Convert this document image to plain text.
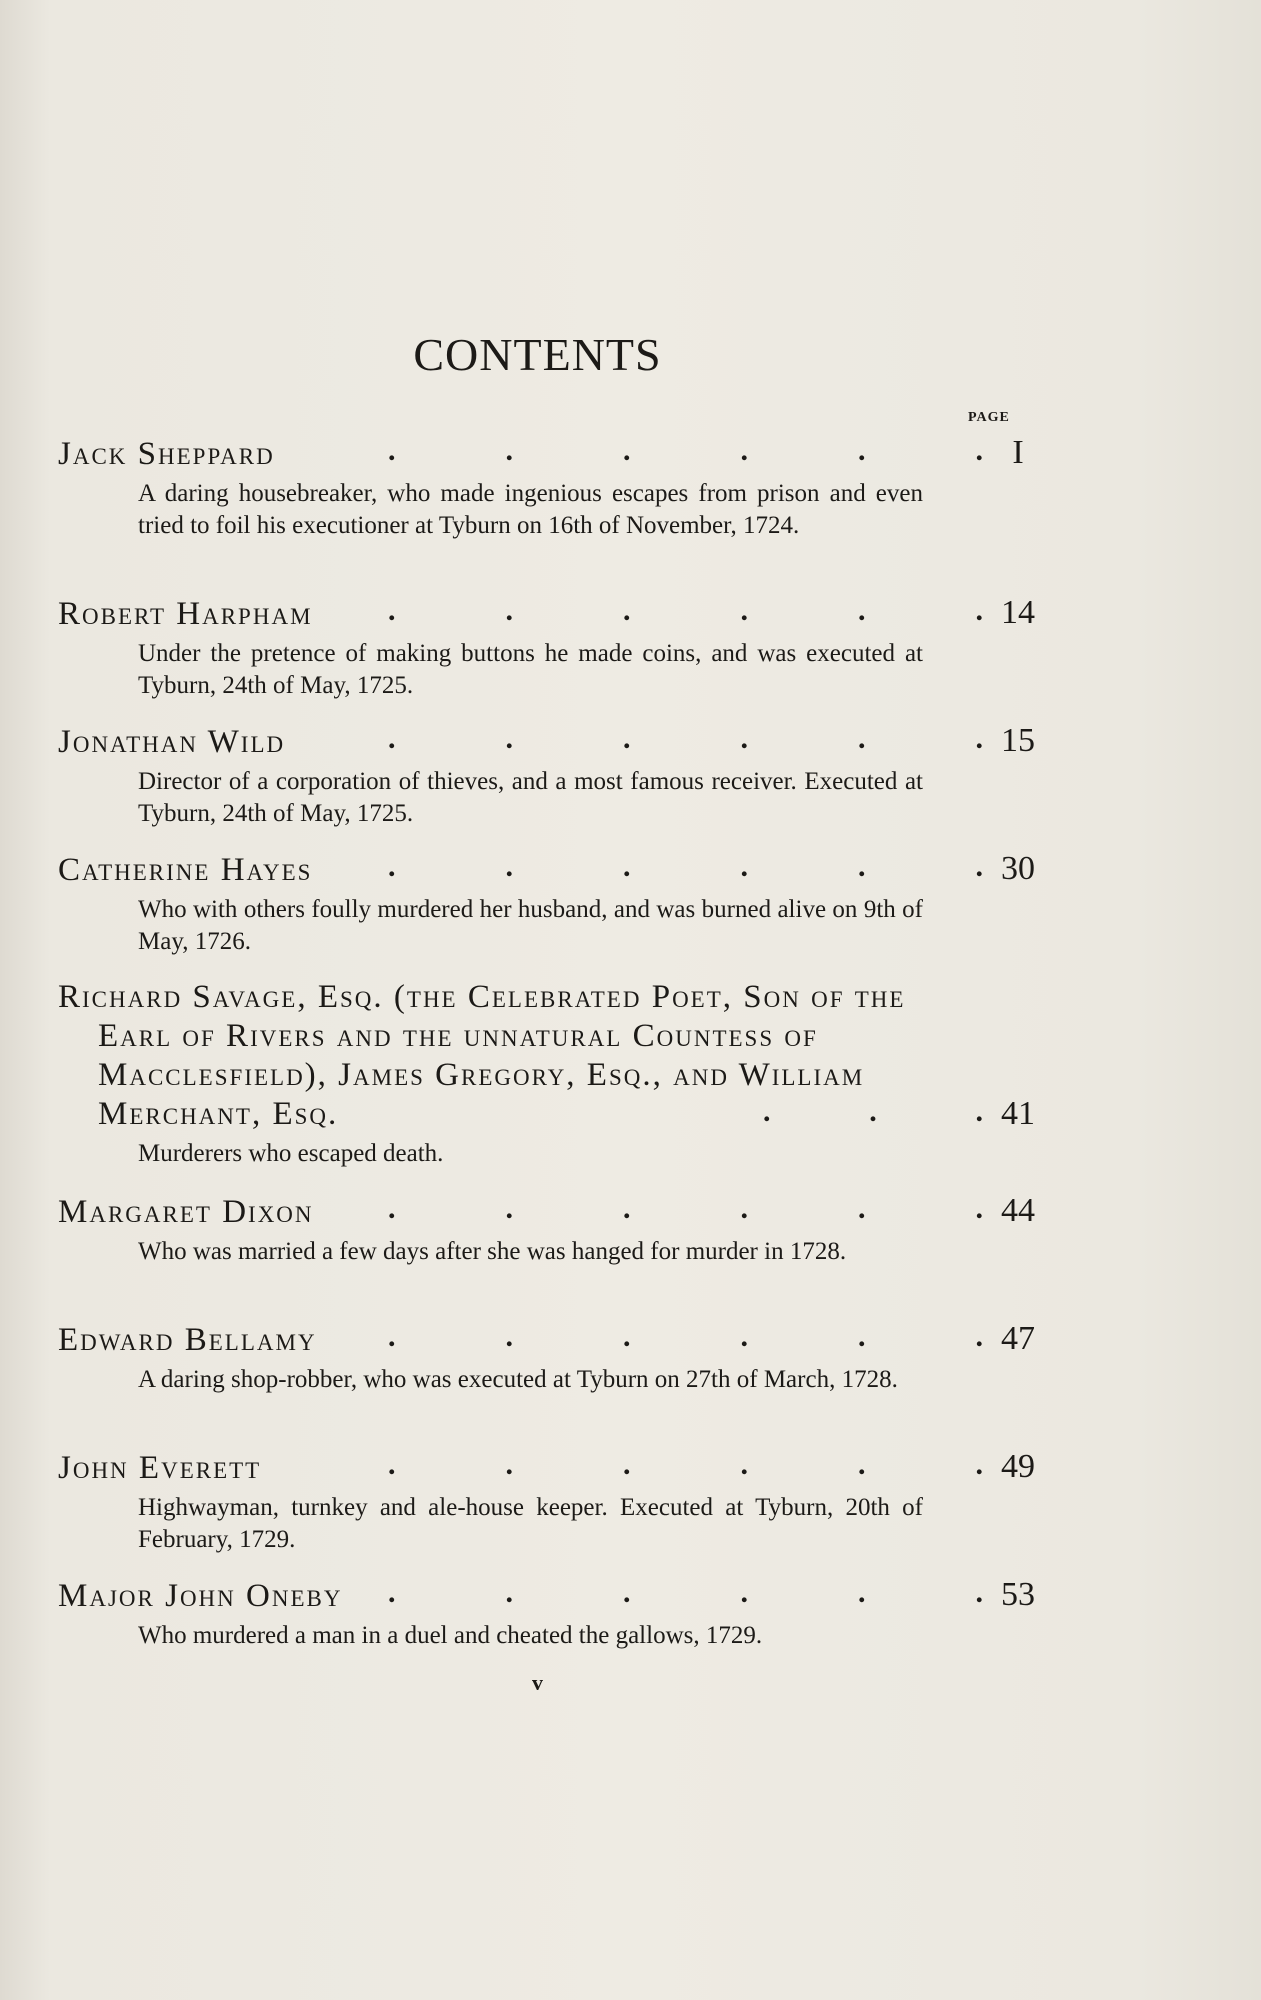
CONTENTS
PAGE
Jack Sheppard	.	.	.	.	.	. I
A daring housebreaker, who made ingenious escapes from prison and even tried to foil his executioner at Tyburn on 16th of November, 1724.
Robert Harpham	.	.	.	.	.	. 14
Under the pretence of making buttons he made coins, and was executed at Tyburn, 24th of May, 1725.
Jonathan Wild	.	.	.	.	.	. 15
Director of a corporation of thieves, and a most famous receiver. Executed at Tyburn, 24th of May, 1725.
Catherine Hayes	.	.	.	.	.	. 30
Who with others foully murdered her husband, and was burned alive on 9th of May, 1726.
Richard Savage, Esq. (the Celebrated Poet, Son of the Earl of Rivers and the unnatural Countess of Macclesfield), James Gregory, Esq., and William Merchant, Esq.	.	.	. 41
Murderers who escaped death.
Margaret Dixon	.	.	.	.	.	. 44
Who was married a few days after she was hanged for murder in 1728.
Edward Bellamy	.	.	.	.	.	. 47
A daring shop-robber, who was executed at Tyburn on 27th of March, 1728.
John Everett	.	.	.	.	.	. 49
Highwayman, turnkey and ale-house keeper. Executed at Tyburn, 20th of February, 1729.
Major John Oneby	.	.	.	.	.	. 53
Who murdered a man in a duel and cheated the gallows, 1729.
v
